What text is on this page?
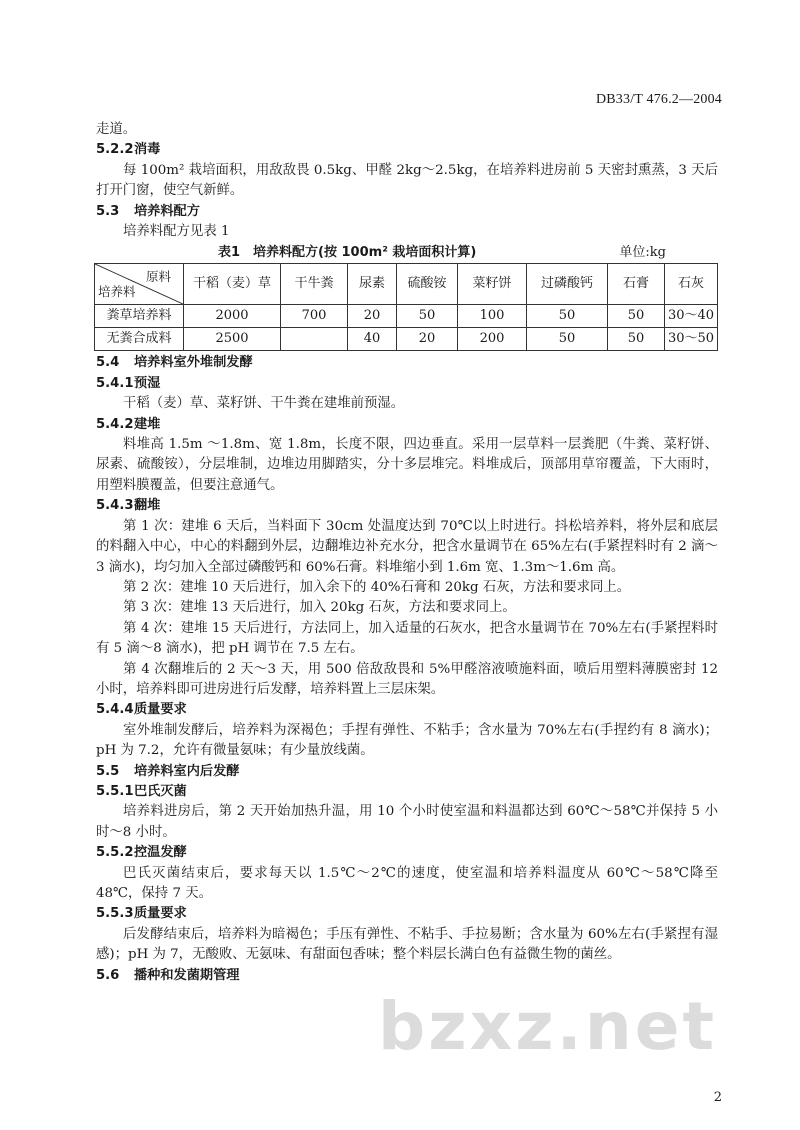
DB33/T 476.2—2004

走道。

5.2.2消毒

每 100m² 栽培面积，用敌敌畏 0.5kg、甲醛 2kg～2.5kg，在培养料进房前 5 天密封熏蒸，3 天后打开门窗，使空气新鲜。

5.3 培养料配方

培养料配方见表 1

表1　培养料配方(按 100m² 栽培面积计算)	单位:kg
原料
培养料	干稻（麦）草	干牛粪	尿素	硫酸铵	菜籽饼	过磷酸钙	石膏	石灰
粪草培养料	2000	700	20	50	100	50	50	30～40
无粪合成料	2500		40	20	200	50	50	30～50

5.4 培养料室外堆制发酵

5.4.1预湿

干稻（麦）草、菜籽饼、干牛粪在建堆前预湿。

5.4.2建堆

料堆高 1.5m ～1.8m、宽 1.8m，长度不限，四边垂直。采用一层草料一层粪肥（牛粪、菜籽饼、尿素、硫酸铵），分层堆制，边堆边用脚踏实，分十多层堆完。料堆成后，顶部用草帘覆盖，下大雨时，用塑料膜覆盖，但要注意通气。

5.4.3翻堆

第 1 次：建堆 6 天后，当料面下 30cm 处温度达到 70℃以上时进行。抖松培养料，将外层和底层的料翻入中心，中心的料翻到外层，边翻堆边补充水分，把含水量调节在 65%左右(手紧捏料时有 2 滴～3 滴水)，均匀加入全部过磷酸钙和 60%石膏。料堆缩小到 1.6m 宽、1.3m～1.6m 高。

第 2 次：建堆 10 天后进行，加入余下的 40%石膏和 20kg 石灰，方法和要求同上。

第 3 次：建堆 13 天后进行，加入 20kg 石灰，方法和要求同上。

第 4 次：建堆 15 天后进行，方法同上，加入适量的石灰水，把含水量调节在 70%左右(手紧捏料时有 5 滴～8 滴水)，把 pH 调节在 7.5 左右。

第 4 次翻堆后的 2 天～3 天，用 500 倍敌敌畏和 5%甲醛溶液喷施料面，喷后用塑料薄膜密封 12 小时，培养料即可进房进行后发酵，培养料置上三层床架。

5.4.4质量要求

室外堆制发酵后，培养料为深褐色；手捏有弹性、不粘手；含水量为 70%左右(手捏约有 8 滴水)；pH 为 7.2，允许有微量氨味；有少量放线菌。

5.5 培养料室内后发酵

5.5.1巴氏灭菌

培养料进房后，第 2 天开始加热升温，用 10 个小时使室温和料温都达到 60℃～58℃并保持 5 小时～8 小时。

5.5.2控温发酵

巴氏灭菌结束后，要求每天以 1.5℃～2℃的速度，使室温和培养料温度从 60℃～58℃降至 48℃，保持 7 天。

5.5.3质量要求

后发酵结束后，培养料为暗褐色；手压有弹性、不粘手、手拉易断；含水量为 60%左右(手紧捏有湿感)；pH 为 7，无酸败、无氨味、有甜面包香味；整个料层长满白色有益微生物的菌丝。

5.6 播种和发菌期管理

bzxz.net
2
